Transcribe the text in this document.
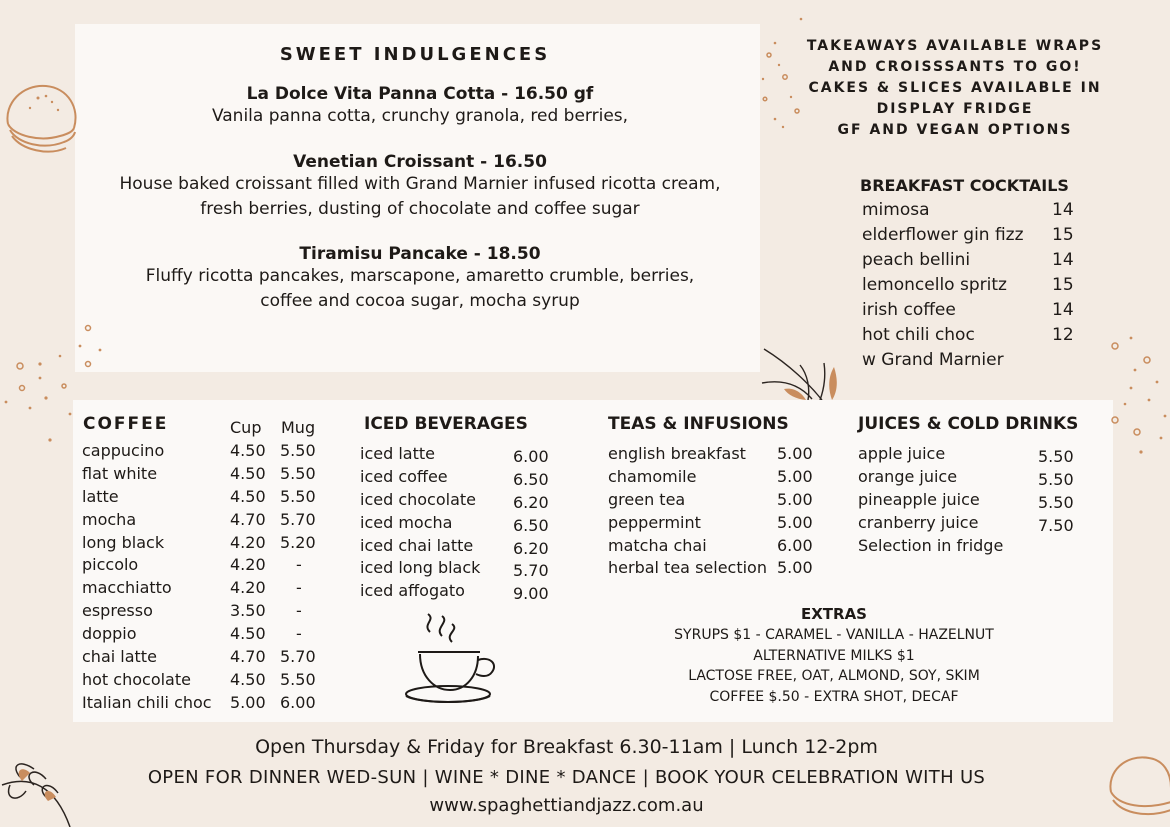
SWEET INDULGENCES
La Dolce Vita Panna Cotta - 16.50 gf
Vanila panna cotta, crunchy granola, red berries,
Venetian Croissant - 16.50
House baked croissant filled with Grand Marnier infused ricotta cream,
fresh berries, dusting of chocolate and coffee sugar
Tiramisu Pancake - 18.50
Fluffy ricotta pancakes, marscapone, amaretto crumble, berries,
coffee and cocoa sugar, mocha syrup
TAKEAWAYS AVAILABLE WRAPS
AND CROISSSANTS TO GO!
CAKES & SLICES AVAILABLE IN
DISPLAY FRIDGE
GF AND VEGAN OPTIONS
BREAKFAST COCKTAILS
mimosa	14
elderflower gin fizz 15
peach bellini	14
lemoncello spritz	15
irish coffee	14
hot chili choc	12
w Grand Marnier
COFFEE	Cup Mug
cappucino	4.50 5.50
flat white	4.50 5.50
latte	4.50 5.50
mocha	4.70 5.70
long black	4.20 5.20
piccolo	4.20 -
macchiatto	4.20 -
espresso	3.50 -
doppio	4.50 -
chai latte	4.70 5.70
hot chocolate 4.50 5.50
Italian chili choc 5.00 6.00
ICED BEVERAGES
iced latte	6.00
iced coffee	6.50
iced chocolate 6.20
iced mocha	6.50
iced chai latte 6.20
iced long black 5.70
iced affogato	9.00
TEAS & INFUSIONS
english breakfast 5.00
chamomile	5.00
green tea	5.00
peppermint	5.00
matcha chai	6.00
herbal tea selection 5.00
JUICES & COLD DRINKS
apple juice	5.50
orange juice	5.50
pineapple juice	5.50
cranberry juice	7.50
Selection in fridge
EXTRAS
SYRUPS $1 - CARAMEL - VANILLA - HAZELNUT
ALTERNATIVE MILKS $1
LACTOSE FREE, OAT, ALMOND, SOY, SKIM
COFFEE $.50 - EXTRA SHOT, DECAF
Open Thursday & Friday for Breakfast 6.30-11am | Lunch 12-2pm
OPEN FOR DINNER WED-SUN | WINE * DINE * DANCE | BOOK YOUR CELEBRATION WITH US
www.spaghettiandjazz.com.au
